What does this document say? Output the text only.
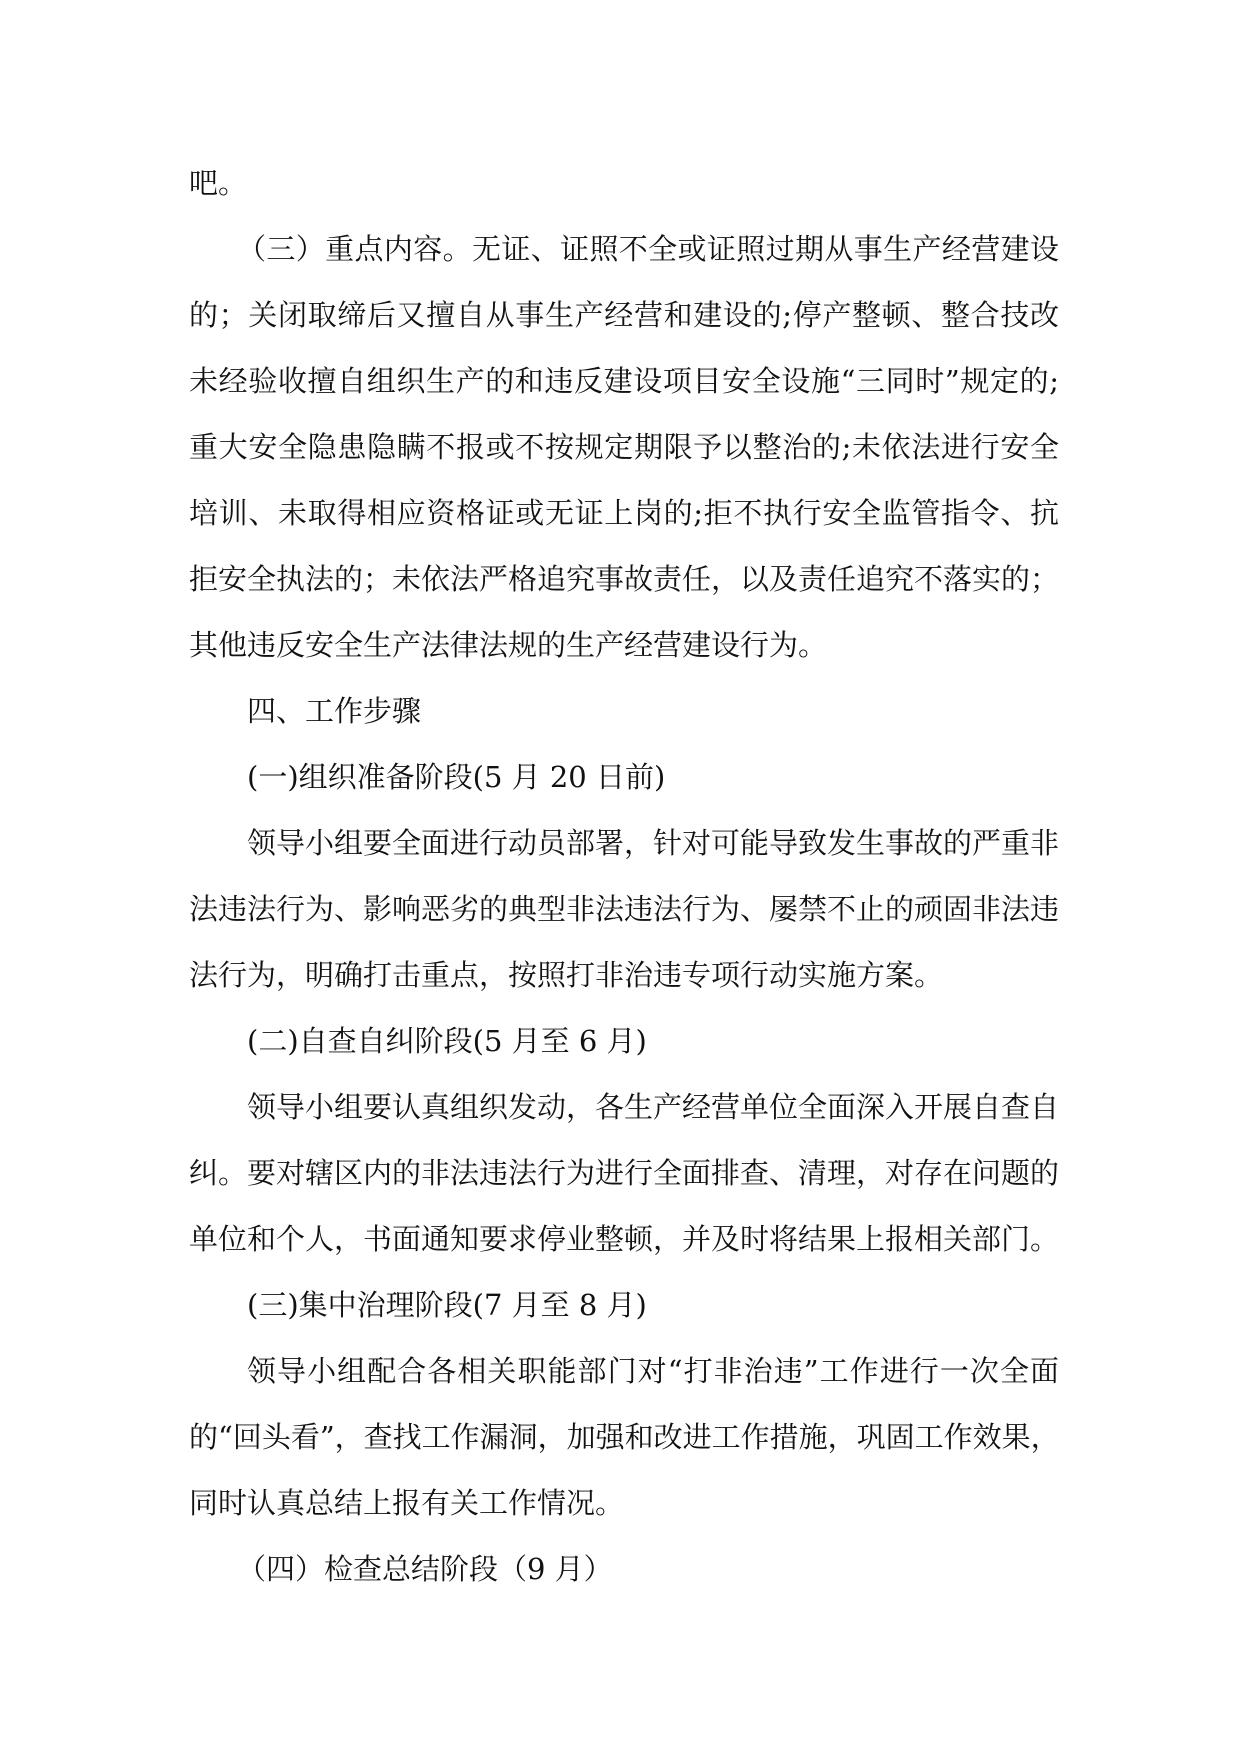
吧。
（三）重点内容。无证、证照不全或证照过期从事生产经营建设
的；关闭取缔后又擅自从事生产经营和建设的;停产整顿、整合技改
未经验收擅自组织生产的和违反建设项目安全设施“三同时”规定的;
重大安全隐患隐瞒不报或不按规定期限予以整治的;未依法进行安全
培训、未取得相应资格证或无证上岗的;拒不执行安全监管指令、抗
拒安全执法的；未依法严格追究事故责任，以及责任追究不落实的；
其他违反安全生产法律法规的生产经营建设行为。
四、工作步骤
(一)组织准备阶段(5 月 20 日前)
领导小组要全面进行动员部署，针对可能导致发生事故的严重非
法违法行为、影响恶劣的典型非法违法行为、屡禁不止的顽固非法违
法行为，明确打击重点，按照打非治违专项行动实施方案。
(二)自查自纠阶段(5 月至 6 月)
领导小组要认真组织发动，各生产经营单位全面深入开展自查自
纠。要对辖区内的非法违法行为进行全面排查、清理，对存在问题的
单位和个人，书面通知要求停业整顿，并及时将结果上报相关部门。
(三)集中治理阶段(7 月至 8 月)
领导小组配合各相关职能部门对“打非治违”工作进行一次全面
的“回头看”，查找工作漏洞，加强和改进工作措施，巩固工作效果，
同时认真总结上报有关工作情况。
（四）检查总结阶段（9 月）
